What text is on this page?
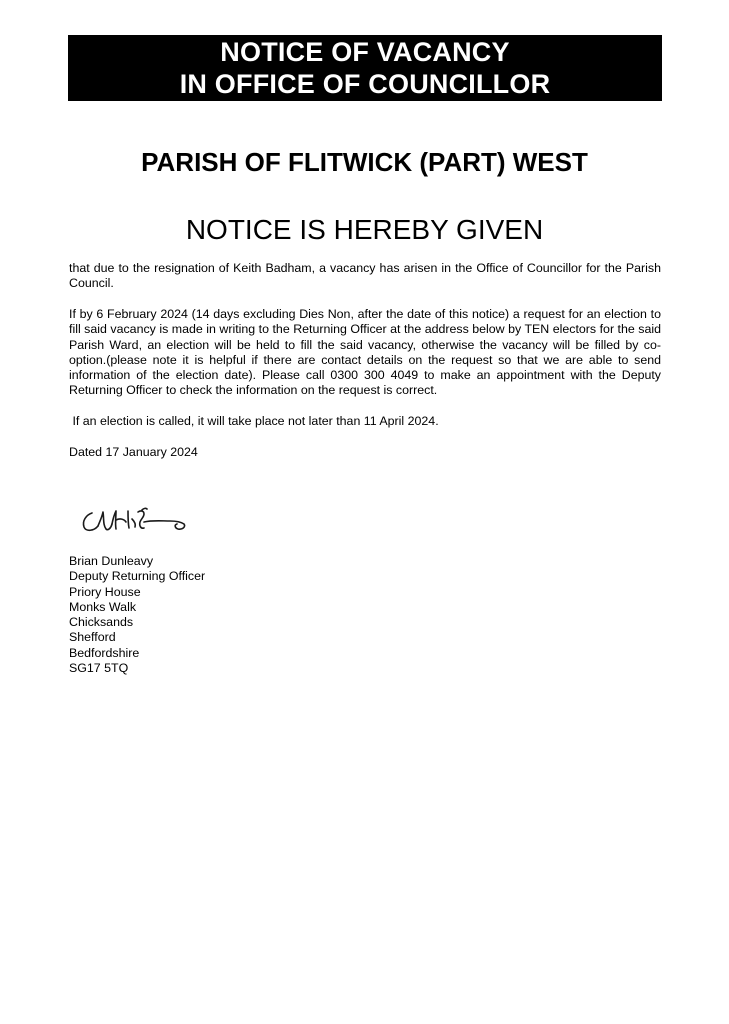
NOTICE OF VACANCY
IN OFFICE OF COUNCILLOR
PARISH OF FLITWICK (PART) WEST
NOTICE IS HEREBY GIVEN

that due to the resignation of Keith Badham, a vacancy has arisen in the Office of Councillor for the Parish Council.

If by 6 February 2024 (14 days excluding Dies Non, after the date of this notice) a request for an election to fill said vacancy is made in writing to the Returning Officer at the address below by TEN electors for the said Parish Ward, an election will be held to fill the said vacancy, otherwise the vacancy will be filled by co-option.(please note it is helpful if there are contact details on the request so that we are able to send information of the election date). Please call 0300 300 4049 to make an appointment with the Deputy Returning Officer to check the information on the request is correct.

If an election is called, it will take place not later than 11 April 2024.

Dated 17 January 2024

Brian Dunleavy
Deputy Returning Officer
Priory House
Monks Walk
Chicksands
Shefford
Bedfordshire
SG17 5TQ
